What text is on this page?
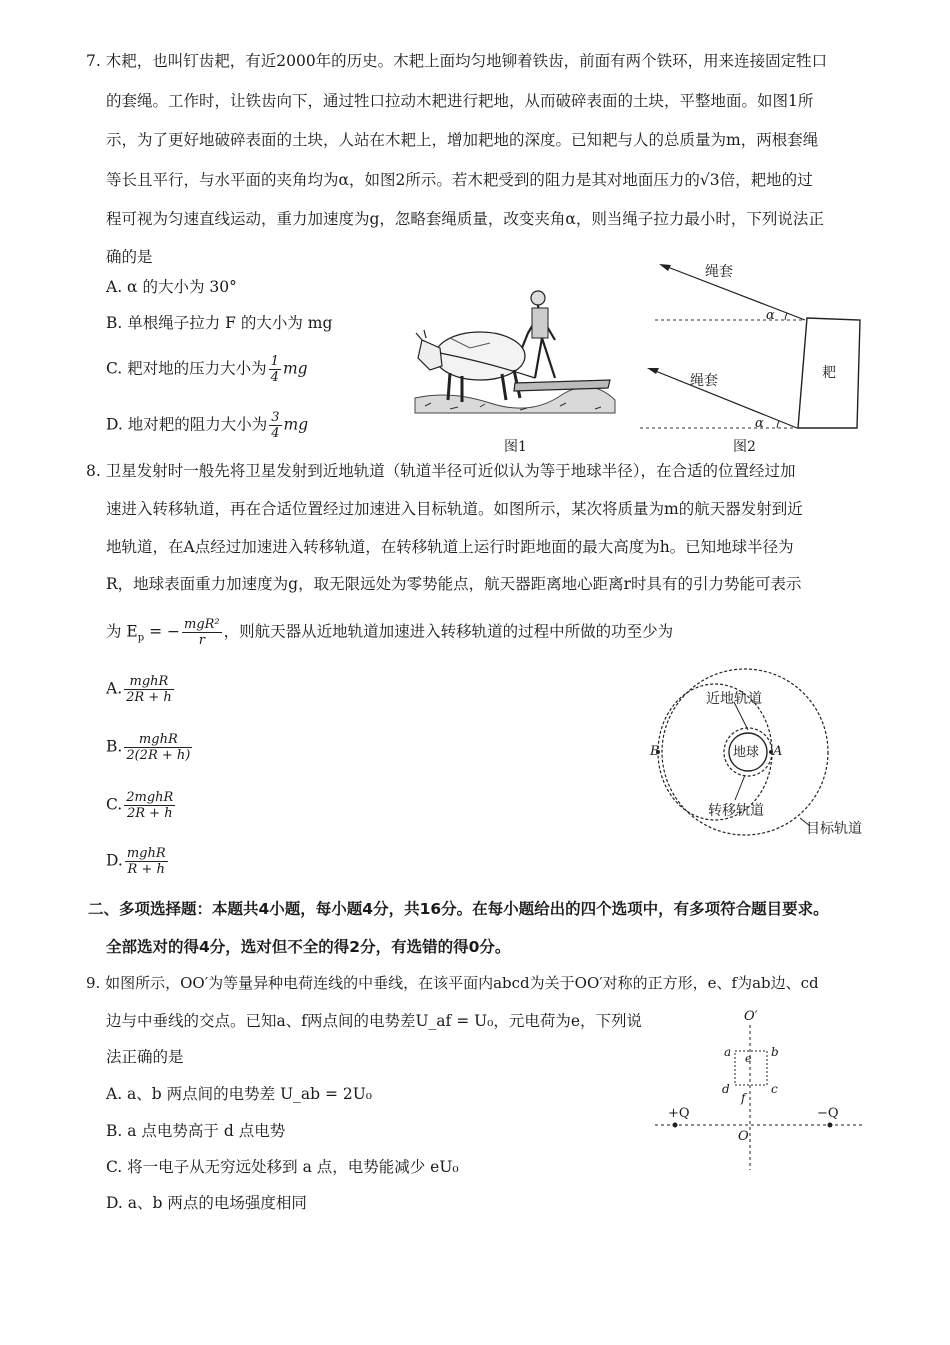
7. 木耙，也叫钉齿耙，有近2000年的历史。木耙上面均匀地铆着铁齿，前面有两个铁环，用来连接固定牲口
的套绳。工作时，让铁齿向下，通过牲口拉动木耙进行耙地，从而破碎表面的土块，平整地面。如图1所
示，为了更好地破碎表面的土块，人站在木耙上，增加耙地的深度。已知耙与人的总质量为m，两根套绳
等长且平行，与水平面的夹角均为α，如图2所示。若木耙受到的阻力是其对地面压力的√3倍，耙地的过
程可视为匀速直线运动，重力加速度为g，忽略套绳质量，改变夹角α，则当绳子拉力最小时，下列说法正
确的是
A. α 的大小为 30°
B. 单根绳子拉力 F 的大小为 mg
C. 耙对地的压力大小为 $\frac{1}{4}$ mg
D. 地对耙的阻力大小为 $\frac{3}{4}$ mg
图1
绳套
绳套
α
α
耙
图2
8. 卫星发射时一般先将卫星发射到近地轨道（轨道半径可近似认为等于地球半径），在合适的位置经过加
速进入转移轨道，再在合适位置经过加速进入目标轨道。如图所示，某次将质量为m的航天器发射到近
地轨道，在A点经过加速进入转移轨道，在转移轨道上运行时距地面的最大高度为h。已知地球半径为
R，地球表面重力加速度为g，取无限远处为零势能点，航天器距离地心距离r时具有的引力势能可表示
为 $E_p$ = − $\frac{\text{mgR²}}{r}$ ，则航天器从近地轨道加速进入转移轨道的过程中所做的功至少为
A. $\frac{\text{mghR}}{2R + h}$
B. $\frac{\text{mghR}}{2(2R + h)}$
C. $\frac{\text{2mghR}}{2R + h}$
D. $\frac{\text{mghR}}{R + h}$
近地轨道
地球 A
B
转移轨道
目标轨道
二、多项选择题：本题共4小题，每小题4分，共16分。在每小题给出的四个选项中，有多项符合题目要求。
全部选对的得4分，选对但不全的得2分，有选错的得0分。
9. 如图所示，OO′为等量异种电荷连线的中垂线，在该平面内abcd为关于OO′对称的正方形，e、f为ab边、cd
边与中垂线的交点。已知a、f两点间的电势差U_af = U₀，元电荷为e，下列说
法正确的是
A. a、b 两点间的电势差 U_ab = 2U₀
B. a 点电势高于 d 点电势
C. 将一电子从无穷远处移到 a 点，电势能减少 eU₀
D. a、b 两点的电场强度相同
O′
O
+Q	−Q
a	b
c
d
e
f
